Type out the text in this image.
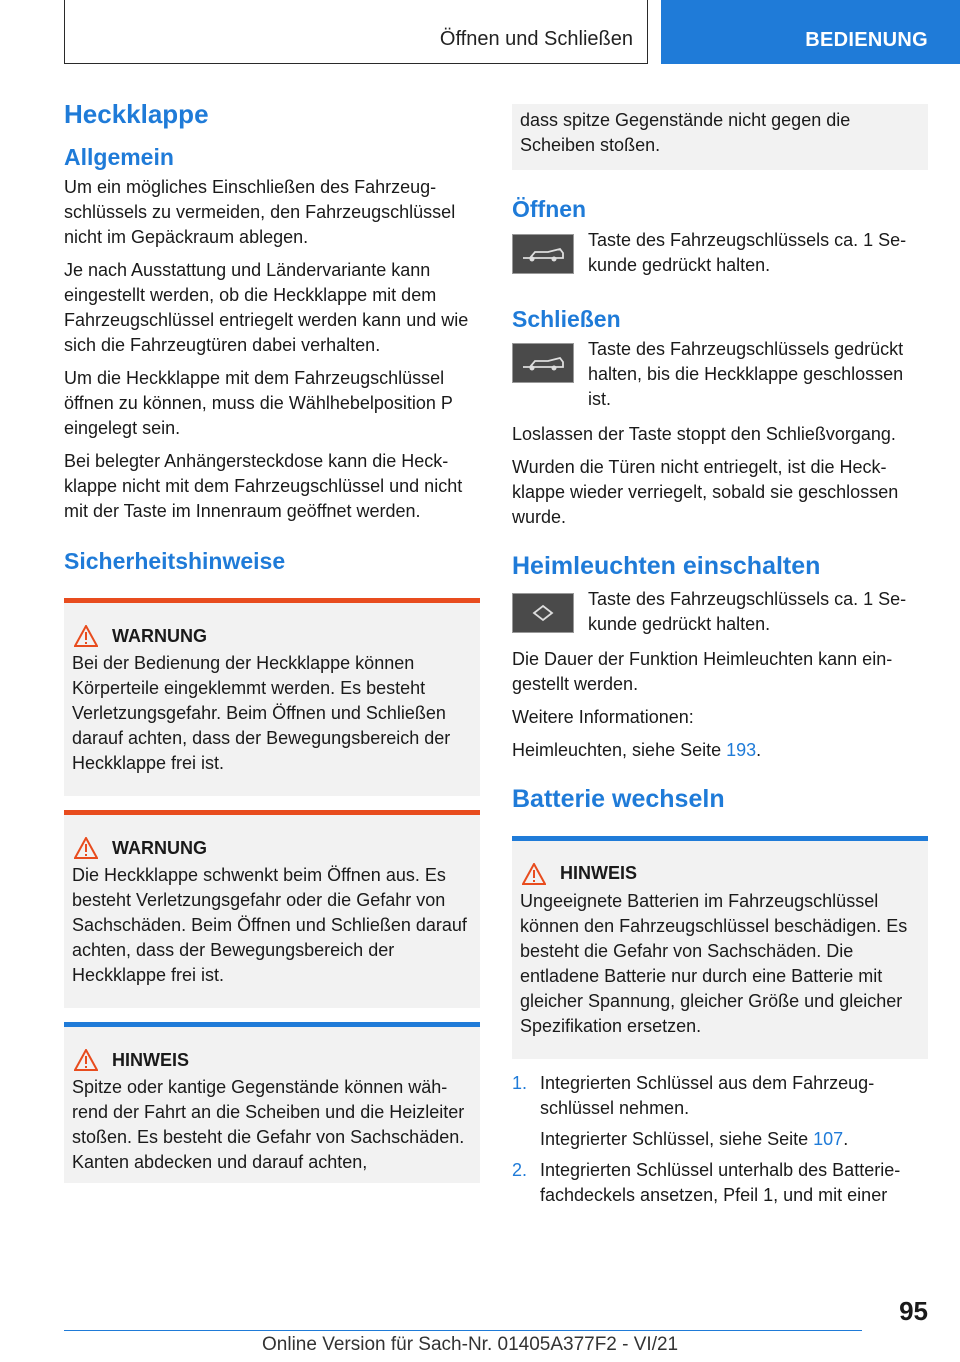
Öffnen und Schließen	BEDIENUNG
Heckklappe
Allgemein

Um ein mögliches Einschließen des Fahrzeugschlüssels zu vermeiden, den Fahrzeugschlüssel nicht im Gepäckraum ablegen.

Je nach Ausstattung und Ländervariante kann eingestellt werden, ob die Heckklappe mit dem Fahrzeugschlüssel entriegelt werden kann und wie sich die Fahrzeugtüren dabei verhalten.

Um die Heckklappe mit dem Fahrzeugschlüssel öffnen zu können, muss die Wählhebelposition P eingelegt sein.

Bei belegter Anhängersteckdose kann die Heckklappe nicht mit dem Fahrzeugschlüssel und nicht mit der Taste im Innenraum geöffnet werden.

Sicherheitshinweise
WARNUNG

Bei der Bedienung der Heckklappe können Körperteile eingeklemmt werden. Es besteht Verletzungsgefahr. Beim Öffnen und Schließen darauf achten, dass der Bewegungsbereich der Heckklappe frei ist.

WARNUNG

Die Heckklappe schwenkt beim Öffnen aus. Es besteht Verletzungsgefahr oder die Gefahr von Sachschäden. Beim Öffnen und Schließen darauf achten, dass der Bewegungsbereich der Heckklappe frei ist.

HINWEIS

Spitze oder kantige Gegenstände können während der Fahrt an die Scheiben und die Heizleiter stoßen. Es besteht die Gefahr von Sachschäden. Kanten abdecken und darauf achten,

dass spitze Gegenstände nicht gegen die Scheiben stoßen.

Öffnen

Taste des Fahrzeugschlüssels ca. 1 Sekunde gedrückt halten.

Schließen

Taste des Fahrzeugschlüssels gedrückt halten, bis die Heckklappe geschlossen ist.

Loslassen der Taste stoppt den Schließvorgang.

Wurden die Türen nicht entriegelt, ist die Heckklappe wieder verriegelt, sobald sie geschlossen wurde.

Heimleuchten einschalten

Taste des Fahrzeugschlüssels ca. 1 Sekunde gedrückt halten.

Die Dauer der Funktion Heimleuchten kann eingestellt werden.

Weitere Informationen:

Heimleuchten, siehe Seite 193.

Batterie wechseln
HINWEIS

Ungeeignete Batterien im Fahrzeugschlüssel können den Fahrzeugschlüssel beschädigen. Es besteht die Gefahr von Sachschäden. Die entladene Batterie nur durch eine Batterie mit gleicher Spannung, gleicher Größe und gleicher Spezifikation ersetzen.

1. Integrierten Schlüssel aus dem Fahrzeugschlüssel nehmen.

Integrierter Schlüssel, siehe Seite 107.

2. Integrierten Schlüssel unterhalb des Batteriefachdeckels ansetzen, Pfeil 1, und mit einer
95
Online Version für Sach-Nr. 01405A377F2 - VI/21
